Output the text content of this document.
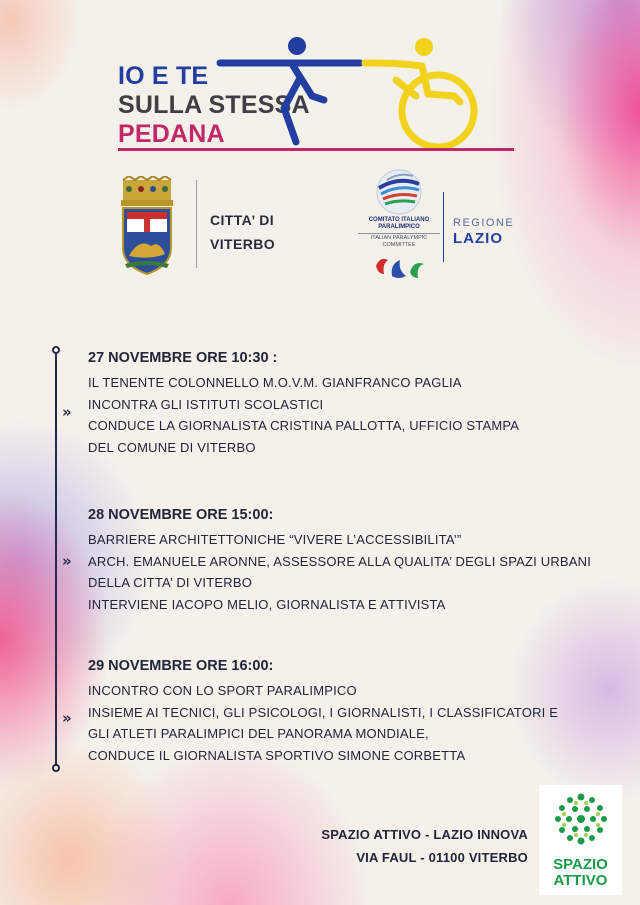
IO E TE
SULLA STESSA
PEDANA
CITTA’ DI
VITERBO
COMITATO ITALIANO PARALIMPICO
ITALIAN PARALYMPIC COMMITTEE
REGIONE
LAZIO
»
»
»
27 NOVEMBRE ORE 10:30 :
IL TENENTE COLONNELLO M.O.V.M. GIANFRANCO PAGLIA
INCONTRA GLI ISTITUTI SCOLASTICI
CONDUCE LA GIORNALISTA CRISTINA PALLOTTA, UFFICIO STAMPA
DEL COMUNE DI VITERBO
28 NOVEMBRE ORE 15:00:
BARRIERE ARCHITETTONICHE “VIVERE L’ACCESSIBILITA’”
ARCH. EMANUELE ARONNE, ASSESSORE ALLA QUALITA’ DEGLI SPAZI URBANI
DELLA CITTA’ DI VITERBO
INTERVIENE IACOPO MELIO, GIORNALISTA E ATTIVISTA
29 NOVEMBRE ORE 16:00:
INCONTRO CON LO SPORT PARALIMPICO
INSIEME AI TECNICI, GLI PSICOLOGI, I GIORNALISTI, I CLASSIFICATORI E
GLI ATLETI PARALIMPICI DEL PANORAMA MONDIALE,
CONDUCE IL GIORNALISTA SPORTIVO SIMONE CORBETTA
SPAZIO ATTIVO - LAZIO INNOVA
VIA FAUL - 01100 VITERBO	SPAZIO
ATTIVO
